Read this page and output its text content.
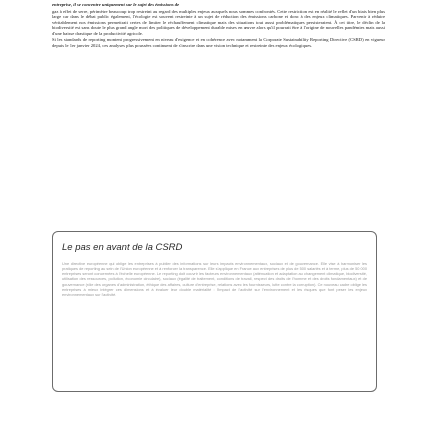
entreprise, il se concentre uniquement sur le sujet des émissions de

gaz à effet de serre, périmètre beaucoup trop restreint au regard des multiples enjeux auxquels nous sommes confrontés. Cette restriction est en réalité le reflet d'un biais bien plus large car dans le débat public également, l'écologie est souvent restreinte à un sujet de réduction des émissions carbone et donc à des enjeux climatiques. Parvenir à réduire véritablement nos émissions permettrait certes de limiter le réchauffement climatique mais des situations tout aussi problématiques persisteraient. À cet titre, le déclin de la biodiversité est sans doute le plus grand angle mort des politiques de développement durable mises en œuvre alors qu'il pourrait être à l'origine de nouvelles pandémies mais aussi d'une baisse drastique de la productivité agricole.

Si les standards de reporting montent progressivement en niveau d'exigence et en cohérence avec notamment la Corporate Sustainability Reporting Directive (CSRD) en vigueur depuis le 1er janvier 2024, ces analyses plus poussées continuent de s'inscrire dans une vision technique et restreinte des enjeux écologiques.

Le pas en avant de la CSRD
Une directive européenne qui oblige les entreprises à publier des informations sur leurs impacts environnementaux, sociaux et de gouvernance. Elle vise à harmoniser les pratiques de reporting au sein de l'Union européenne et à renforcer la transparence. Elle s'applique en France aux entreprises de plus de 500 salariés et à terme, plus de 50 000 entreprises seront concernées à l'échelle européenne. Le reporting doit couvrir les facteurs environnementaux (atténuation et adaptation au changement climatique, biodiversité, utilisation des ressources, pollution, économie circulaire), sociaux (égalité de traitement, conditions de travail, respect des droits de l'homme et des droits fondamentaux) et de gouvernance (rôle des organes d'administration, éthique des affaires, culture d'entreprise, relations avec les fournisseurs, lutte contre la corruption). Ce nouveau cadre oblige les entreprises à mieux intégrer ces dimensions et à évaluer leur double matérialité : l'impact de l'activité sur l'environnement et les risques que font peser les enjeux environnementaux sur l'activité.
